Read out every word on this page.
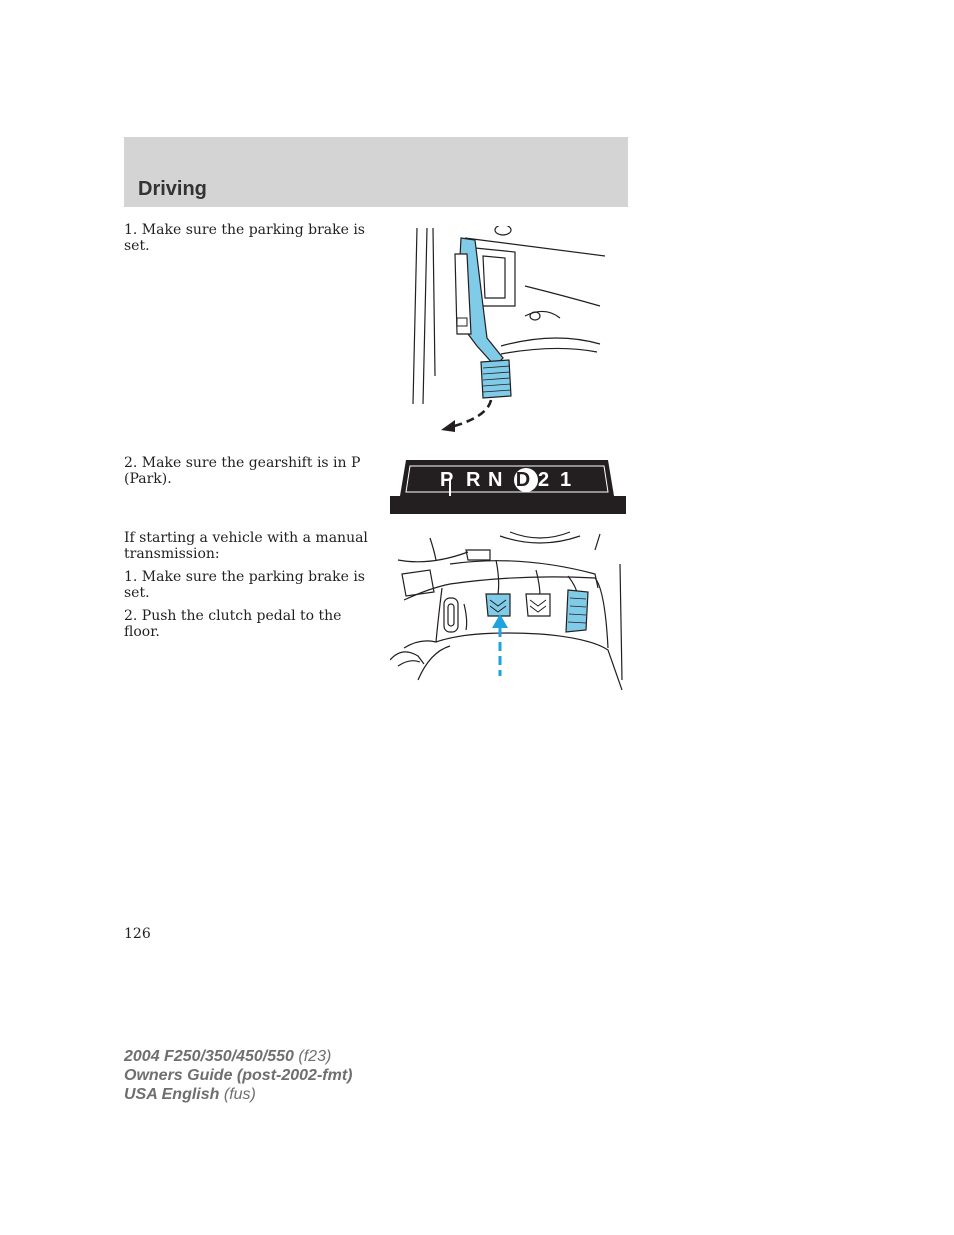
Driving

1. Make sure the parking brake is set.

2. Make sure the gearshift is in P (Park).	P R N D 2 1

If starting a vehicle with a manual transmission:

1. Make sure the parking brake is set.

2. Push the clutch pedal to the floor.

126
2004 F250/350/450/550 (f23)
Owners Guide (post-2002-fmt)
USA English (fus)
